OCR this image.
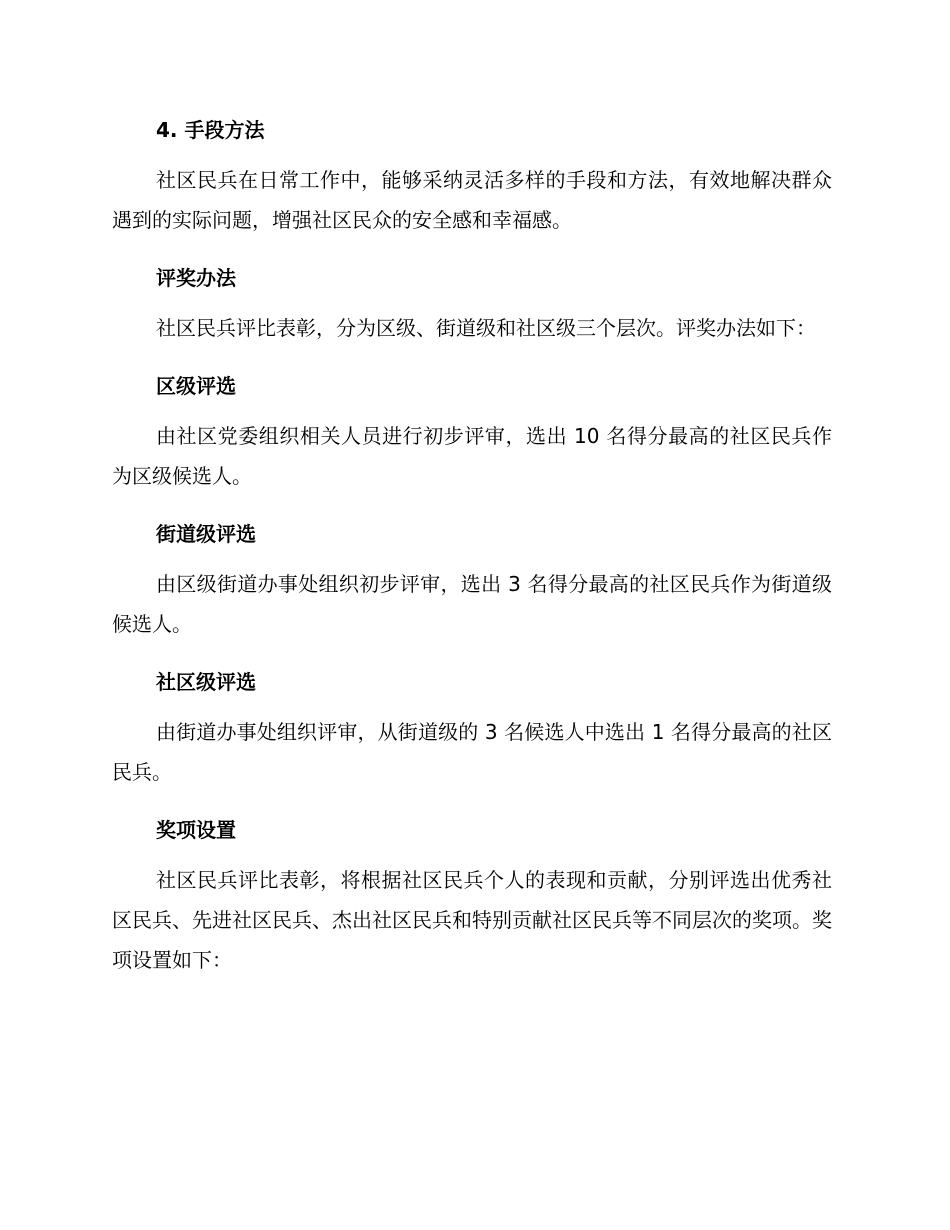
4. 手段方法

社区民兵在日常工作中，能够采纳灵活多样的手段和方法，有效地解决群众遇到的实际问题，增强社区民众的安全感和幸福感。

评奖办法

社区民兵评比表彰，分为区级、街道级和社区级三个层次。评奖办法如下：

区级评选

由社区党委组织相关人员进行初步评审，选出 10 名得分最高的社区民兵作为区级候选人。

街道级评选

由区级街道办事处组织初步评审，选出 3 名得分最高的社区民兵作为街道级候选人。

社区级评选

由街道办事处组织评审，从街道级的 3 名候选人中选出 1 名得分最高的社区民兵。

奖项设置

社区民兵评比表彰，将根据社区民兵个人的表现和贡献，分别评选出优秀社区民兵、先进社区民兵、杰出社区民兵和特别贡献社区民兵等不同层次的奖项。奖项设置如下：
